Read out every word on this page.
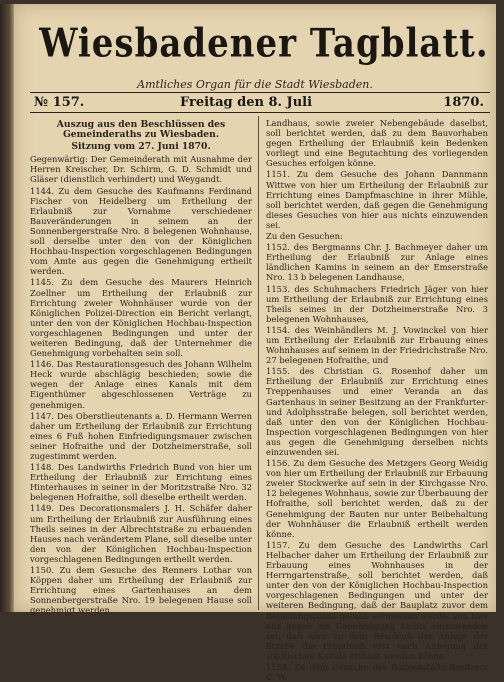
Wiesbadener Tagblatt.
Amtliches Organ für die Stadt Wiesbaden.
№ 157.	Freitag den 8. Juli	1870.

Auszug aus den Beschlüssen des Gemeinderaths zu Wiesbaden.

Sitzung vom 27. Juni 1870.

Gegenwärtig: Der Gemeinderath mit Ausnahme der Herren Kreischer, Dr. Schirm, G. D. Schmidt und Gläser (dienstlich verhindert) und Weygandt.

1144. Zu dem Gesuche des Kaufmanns Ferdinand Fischer von Heidelberg um Ertheilung der Erlaubniß zur Vornahme verschiedener Bauveränderungen in seinem an der Sonnenbergerstraße Nro. 8 belegenen Wohnhause, soll derselbe unter den von der Königlichen Hochbau-Inspection vorgeschlagenen Bedingungen vom Amte aus gegen die Genehmigung ertheilt werden.

1145. Zu dem Gesuche des Maurers Heinrich Zoellner um Ertheilung der Erlaubniß zur Errichtung zweier Wohnhäuser wurde von der Königlichen Polizei-Direction ein Bericht verlangt, unter den von der Königlichen Hochbau-Inspection vorgeschlagenen Bedingungen und unter der weiteren Bedingung, daß der Unternehmer die Genehmigung vorbehalten sein soll.

1146. Das Restaurationsgesuch des Johann Wilhelm Heck wurde abschlägig beschieden; sowie die wegen der Anlage eines Kanals mit dem Eigenthümer abgeschlossenen Verträge zu genehmigen.

1147. Des Oberstlieutenants a. D. Hermann Werren daher um Ertheilung der Erlaubniß zur Errichtung eines 6 Fuß hohen Einfriedigungsmauer zwischen seiner Hofraithe und der Dotzheimerstraße, soll zugestimmt werden.

1148. Des Landwirths Friedrich Bund von hier um Ertheilung der Erlaubniß zur Errichtung eines Hinterhauses in seiner in der Moritzstraße Nro. 32 belegenen Hofraithe, soll dieselbe ertheilt werden.

1149. Des Decorationsmalers J. H. Schäfer daher um Ertheilung der Erlaubniß zur Ausführung eines Theils seines in der Albrechtstraße zu erbauenden Hauses nach verändertem Plane, soll dieselbe unter den von der Königlichen Hochbau-Inspection vorgeschlagenen Bedingungen ertheilt werden.

1150. Zu dem Gesuche des Renners Lothar von Köppen daher um Ertheilung der Erlaubniß zur Errichtung eines Gartenhauses an dem Sonnenbergerstraße Nro. 19 belegenen Hause soll genehmigt werden.

Landhaus, sowie zweier Nebengebäude daselbst, soll berichtet werden, daß zu dem Bauvorhaben gegen Ertheilung der Erlaubniß kein Bedenken vorliegt und eine Begutachtung des vorliegenden Gesuches erfolgen könne.

1151. Zu dem Gesuche des Johann Dannmann Wittwe von hier um Ertheilung der Erlaubniß zur Errichtung eines Dampfmaschine in ihrer Mühle, soll berichtet werden, daß gegen die Genehmigung dieses Gesuches von hier aus nichts einzuwenden sei.

Zu den Gesuchen:

1152. des Bergmanns Chr. J. Bachmeyer daher um Ertheilung der Erlaubniß zur Anlage eines ländlichen Kamins in seinem an der Emserstraße Nro. 13 b belegenen Landhause,

1153. des Schuhmachers Friedrich Jäger von hier um Ertheilung der Erlaubniß zur Errichtung eines Theils seines in der Dotzheimerstraße Nro. 3 belegenen Wohnhauses,

1154. des Weinhändlers M. J. Vowinckel von hier um Ertheilung der Erlaubniß zur Erbauung eines Wohnhauses auf seinem in der Friedrichstraße Nro. 27 belegenen Hofraithe, und

1155. des Christian G. Rosenhof daher um Ertheilung der Erlaubniß zur Errichtung eines Treppenhauses und einer Veranda an das Gartenhaus in seiner Besitzung an der Frankfurter- und Adolphsstraße belegen, soll berichtet werden, daß unter den von der Königlichen Hochbau-Inspection vorgeschlagenen Bedingungen von hier aus gegen die Genehmigung derselben nichts einzuwenden sei.

1156. Zu dem Gesuche des Metzgers Georg Weidig von hier um Ertheilung der Erlaubniß zur Erbauung zweier Stockwerke auf sein in der Kirchgasse Nro. 12 belegenes Wohnhaus, sowie zur Überbauung der Hofraithe, soll berichtet werden, daß zu der Genehmigung der Bauten nur unter Beibehaltung der Wohnhäuser die Erlaubniß ertheilt werden könne.

1157. Zu dem Gesuche des Landwirths Carl Helbacher daher um Ertheilung der Erlaubniß zur Erbauung eines Wohnhauses in der Herrngartenstraße, soll berichtet werden, daß unter den von der Königlichen Hochbau-Inspection vorgeschlagenen Bedingungen und unter der weiteren Bedingung, daß der Bauplatz zuvor dem Bebauungsplane gemäß vermessen werde, von hier aus gegen die Genehmigung nichts einzuwenden sei; daß aber zu dem Beschluß der Anlage der Straße die Erlaubniß erst nach Anlegung der städtischen Kanäle ertheilt werden könne.

1158. Zu dem Gesuche des Badeanstalts-Besitzers C. W.
